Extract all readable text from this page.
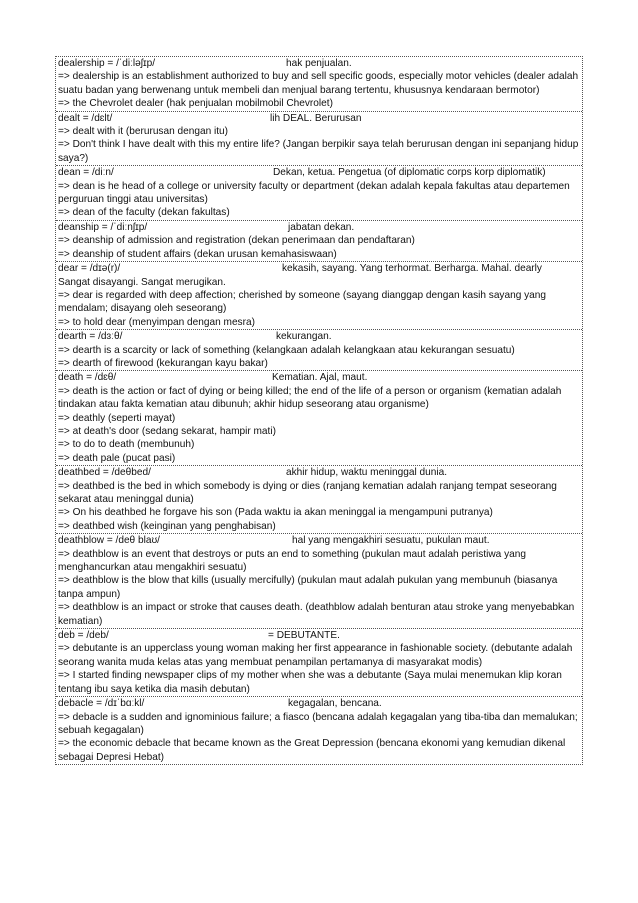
dealership = /ˈdiːlǝʃɪp/	hak penjualan.
=> dealership is an establishment authorized to buy and sell specific goods, especially motor vehicles (dealer adalah suatu badan yang berwenang untuk membeli dan menjual barang tertentu, khususnya kendaraan bermotor)
=> the Chevrolet dealer (hak penjualan mobilmobil Chevrolet)
dealt = /dɛlt/	lih DEAL. Berurusan
=> dealt with it (berurusan dengan itu)
=> Don't think I have dealt with this my entire life? (Jangan berpikir saya telah berurusan dengan ini sepanjang hidup saya?)
dean = /diːn/	Dekan, ketua. Pengetua (of diplomatic corps korp diplomatik)
=> dean is he head of a college or university faculty or department (dekan adalah kepala fakultas atau departemen perguruan tinggi atau universitas)
=> dean of the faculty (dekan fakultas)
deanship = /ˈdiːnʃɪp/	jabatan dekan.
=> deanship of admission and registration (dekan penerimaan dan pendaftaran)
=> deanship of student affairs (dekan urusan kemahasiswaan)
dear = /dɪə(r)/	kekasih, sayang. Yang terhormat. Berharga. Mahal. dearly
Sangat disayangi. Sangat merugikan.
=> dear is regarded with deep affection; cherished by someone (sayang dianggap dengan kasih sayang yang mendalam; disayang oleh seseorang)
=> to hold dear (menyimpan dengan mesra)
dearth = /dɜːθ/	kekurangan.
=> dearth is a scarcity or lack of something (kelangkaan adalah kelangkaan atau kekurangan sesuatu)
=> dearth of firewood (kekurangan kayu bakar)
death = /dɛθ/	Kematian. Ajal, maut.
=> death is the action or fact of dying or being killed; the end of the life of a person or organism (kematian adalah tindakan atau fakta kematian atau dibunuh; akhir hidup seseorang atau organisme)
=> deathly (seperti mayat)
=> at death's door (sedang sekarat, hampir mati)
=> to do to death (membunuh)
=> death pale (pucat pasi)
deathbed = /deθbed/	akhir hidup, waktu meninggal dunia.
=> deathbed is the bed in which somebody is dying or dies (ranjang kematian adalah ranjang tempat seseorang sekarat atau meninggal dunia)
=> On his deathbed he forgave his son (Pada waktu ia akan meninggal ia mengampuni putranya)
=> deathbed wish (keinginan yang penghabisan)
deathblow = /deθ blaʊ/	hal yang mengakhiri sesuatu, pukulan maut.
=> deathblow is an event that destroys or puts an end to something (pukulan maut adalah peristiwa yang menghancurkan atau mengakhiri sesuatu)
=> deathblow is the blow that kills (usually mercifully) (pukulan maut adalah pukulan yang membunuh (biasanya tanpa ampun)
=> deathblow is an impact or stroke that causes death. (deathblow adalah benturan atau stroke yang menyebabkan kematian)
deb = /deb/	= DEBUTANTE.
=> debutante is an upperclass young woman making her first appearance in fashionable society. (debutante adalah seorang wanita muda kelas atas yang membuat penampilan pertamanya di masyarakat modis)
=> I started finding newspaper clips of my mother when she was a debutante (Saya mulai menemukan klip koran tentang ibu saya ketika dia masih debutan)
debacle = /dɪˈbɑːkl/	kegagalan, bencana.
=> debacle is a sudden and ignominious failure; a fiasco (bencana adalah kegagalan yang tiba-tiba dan memalukan; sebuah kegagalan)
=> the economic debacle that became known as the Great Depression (bencana ekonomi yang kemudian dikenal sebagai Depresi Hebat)
